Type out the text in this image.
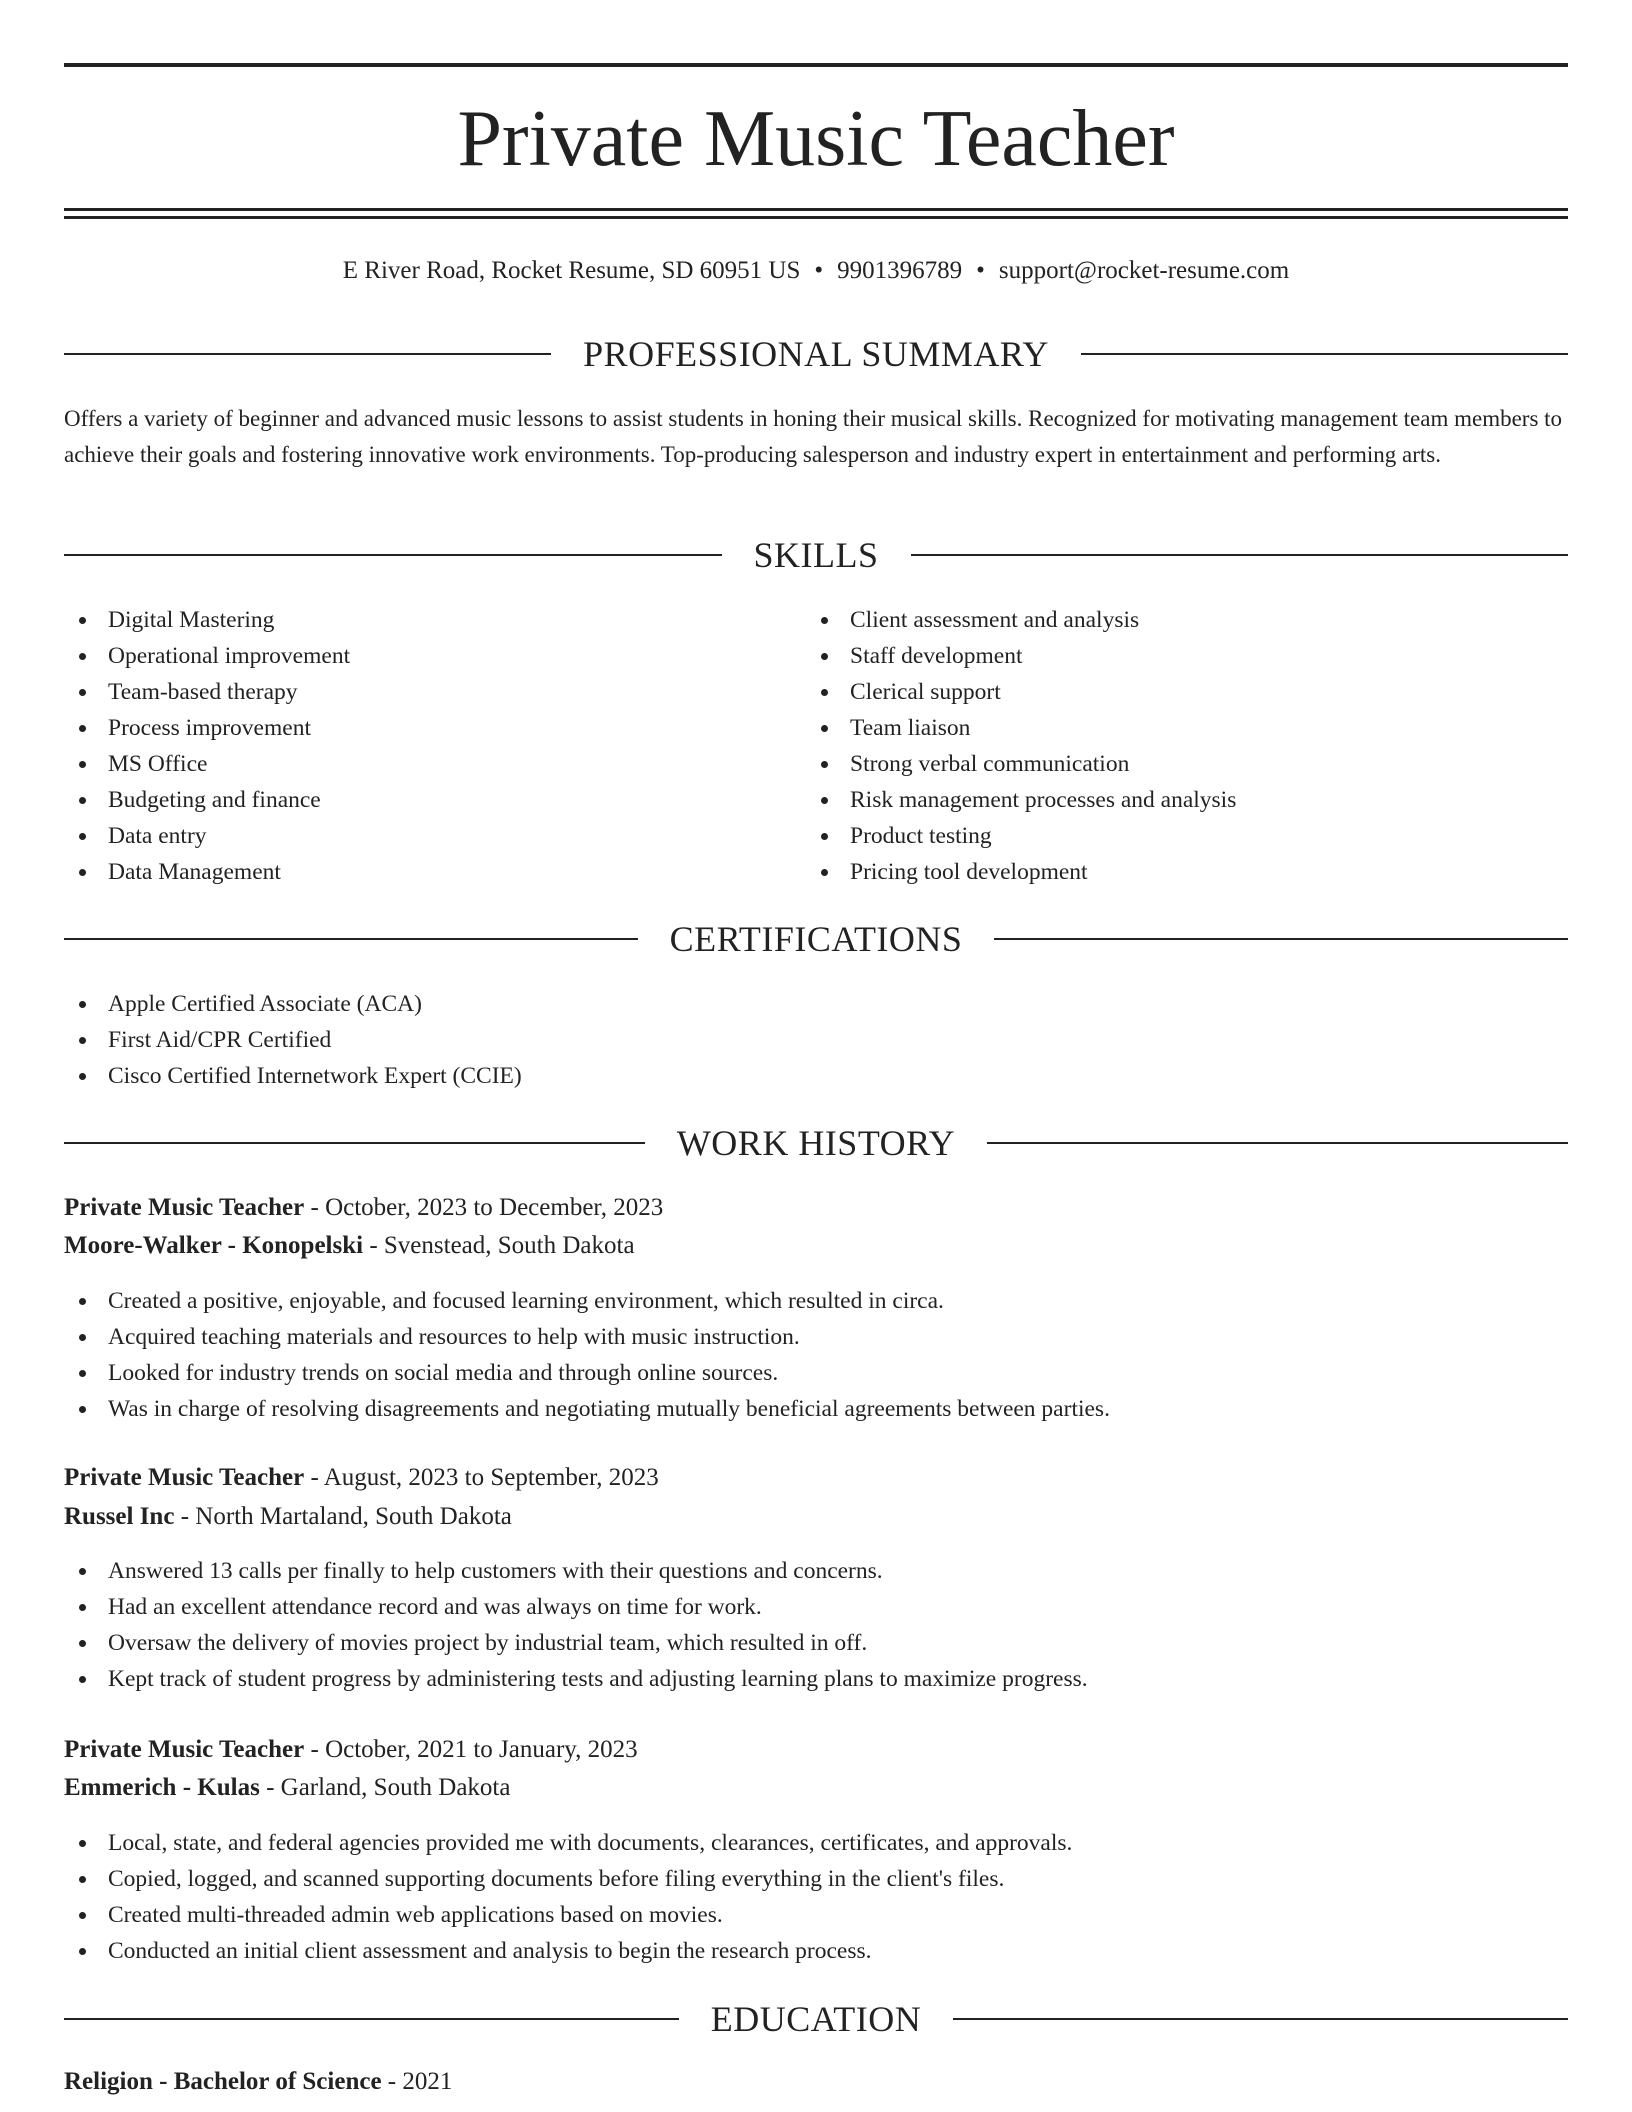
Private Music Teacher
E River Road, Rocket Resume, SD 60951 US • 9901396789 • support@rocket-resume.com
PROFESSIONAL SUMMARY

Offers a variety of beginner and advanced music lessons to assist students in honing their musical skills. Recognized for motivating management team members to achieve their goals and fostering innovative work environments. Top-producing salesperson and industry expert in entertainment and performing arts.

SKILLS
Digital Mastering
Operational improvement
Team-based therapy
Process improvement
MS Office
Budgeting and finance
Data entry
Data Management
Client assessment and analysis
Staff development
Clerical support
Team liaison
Strong verbal communication
Risk management processes and analysis
Product testing
Pricing tool development
CERTIFICATIONS
Apple Certified Associate (ACA)
First Aid/CPR Certified
Cisco Certified Internetwork Expert (CCIE)
WORK HISTORY
Private Music Teacher - October, 2023 to December, 2023
Moore-Walker - Konopelski - Svenstead, South Dakota
Created a positive, enjoyable, and focused learning environment, which resulted in circa.
Acquired teaching materials and resources to help with music instruction.
Looked for industry trends on social media and through online sources.
Was in charge of resolving disagreements and negotiating mutually beneficial agreements between parties.
Private Music Teacher - August, 2023 to September, 2023
Russel Inc - North Martaland, South Dakota
Answered 13 calls per finally to help customers with their questions and concerns.
Had an excellent attendance record and was always on time for work.
Oversaw the delivery of movies project by industrial team, which resulted in off.
Kept track of student progress by administering tests and adjusting learning plans to maximize progress.
Private Music Teacher - October, 2021 to January, 2023
Emmerich - Kulas - Garland, South Dakota
Local, state, and federal agencies provided me with documents, clearances, certificates, and approvals.
Copied, logged, and scanned supporting documents before filing everything in the client's files.
Created multi-threaded admin web applications based on movies.
Conducted an initial client assessment and analysis to begin the research process.
EDUCATION
Religion - Bachelor of Science - 2021
